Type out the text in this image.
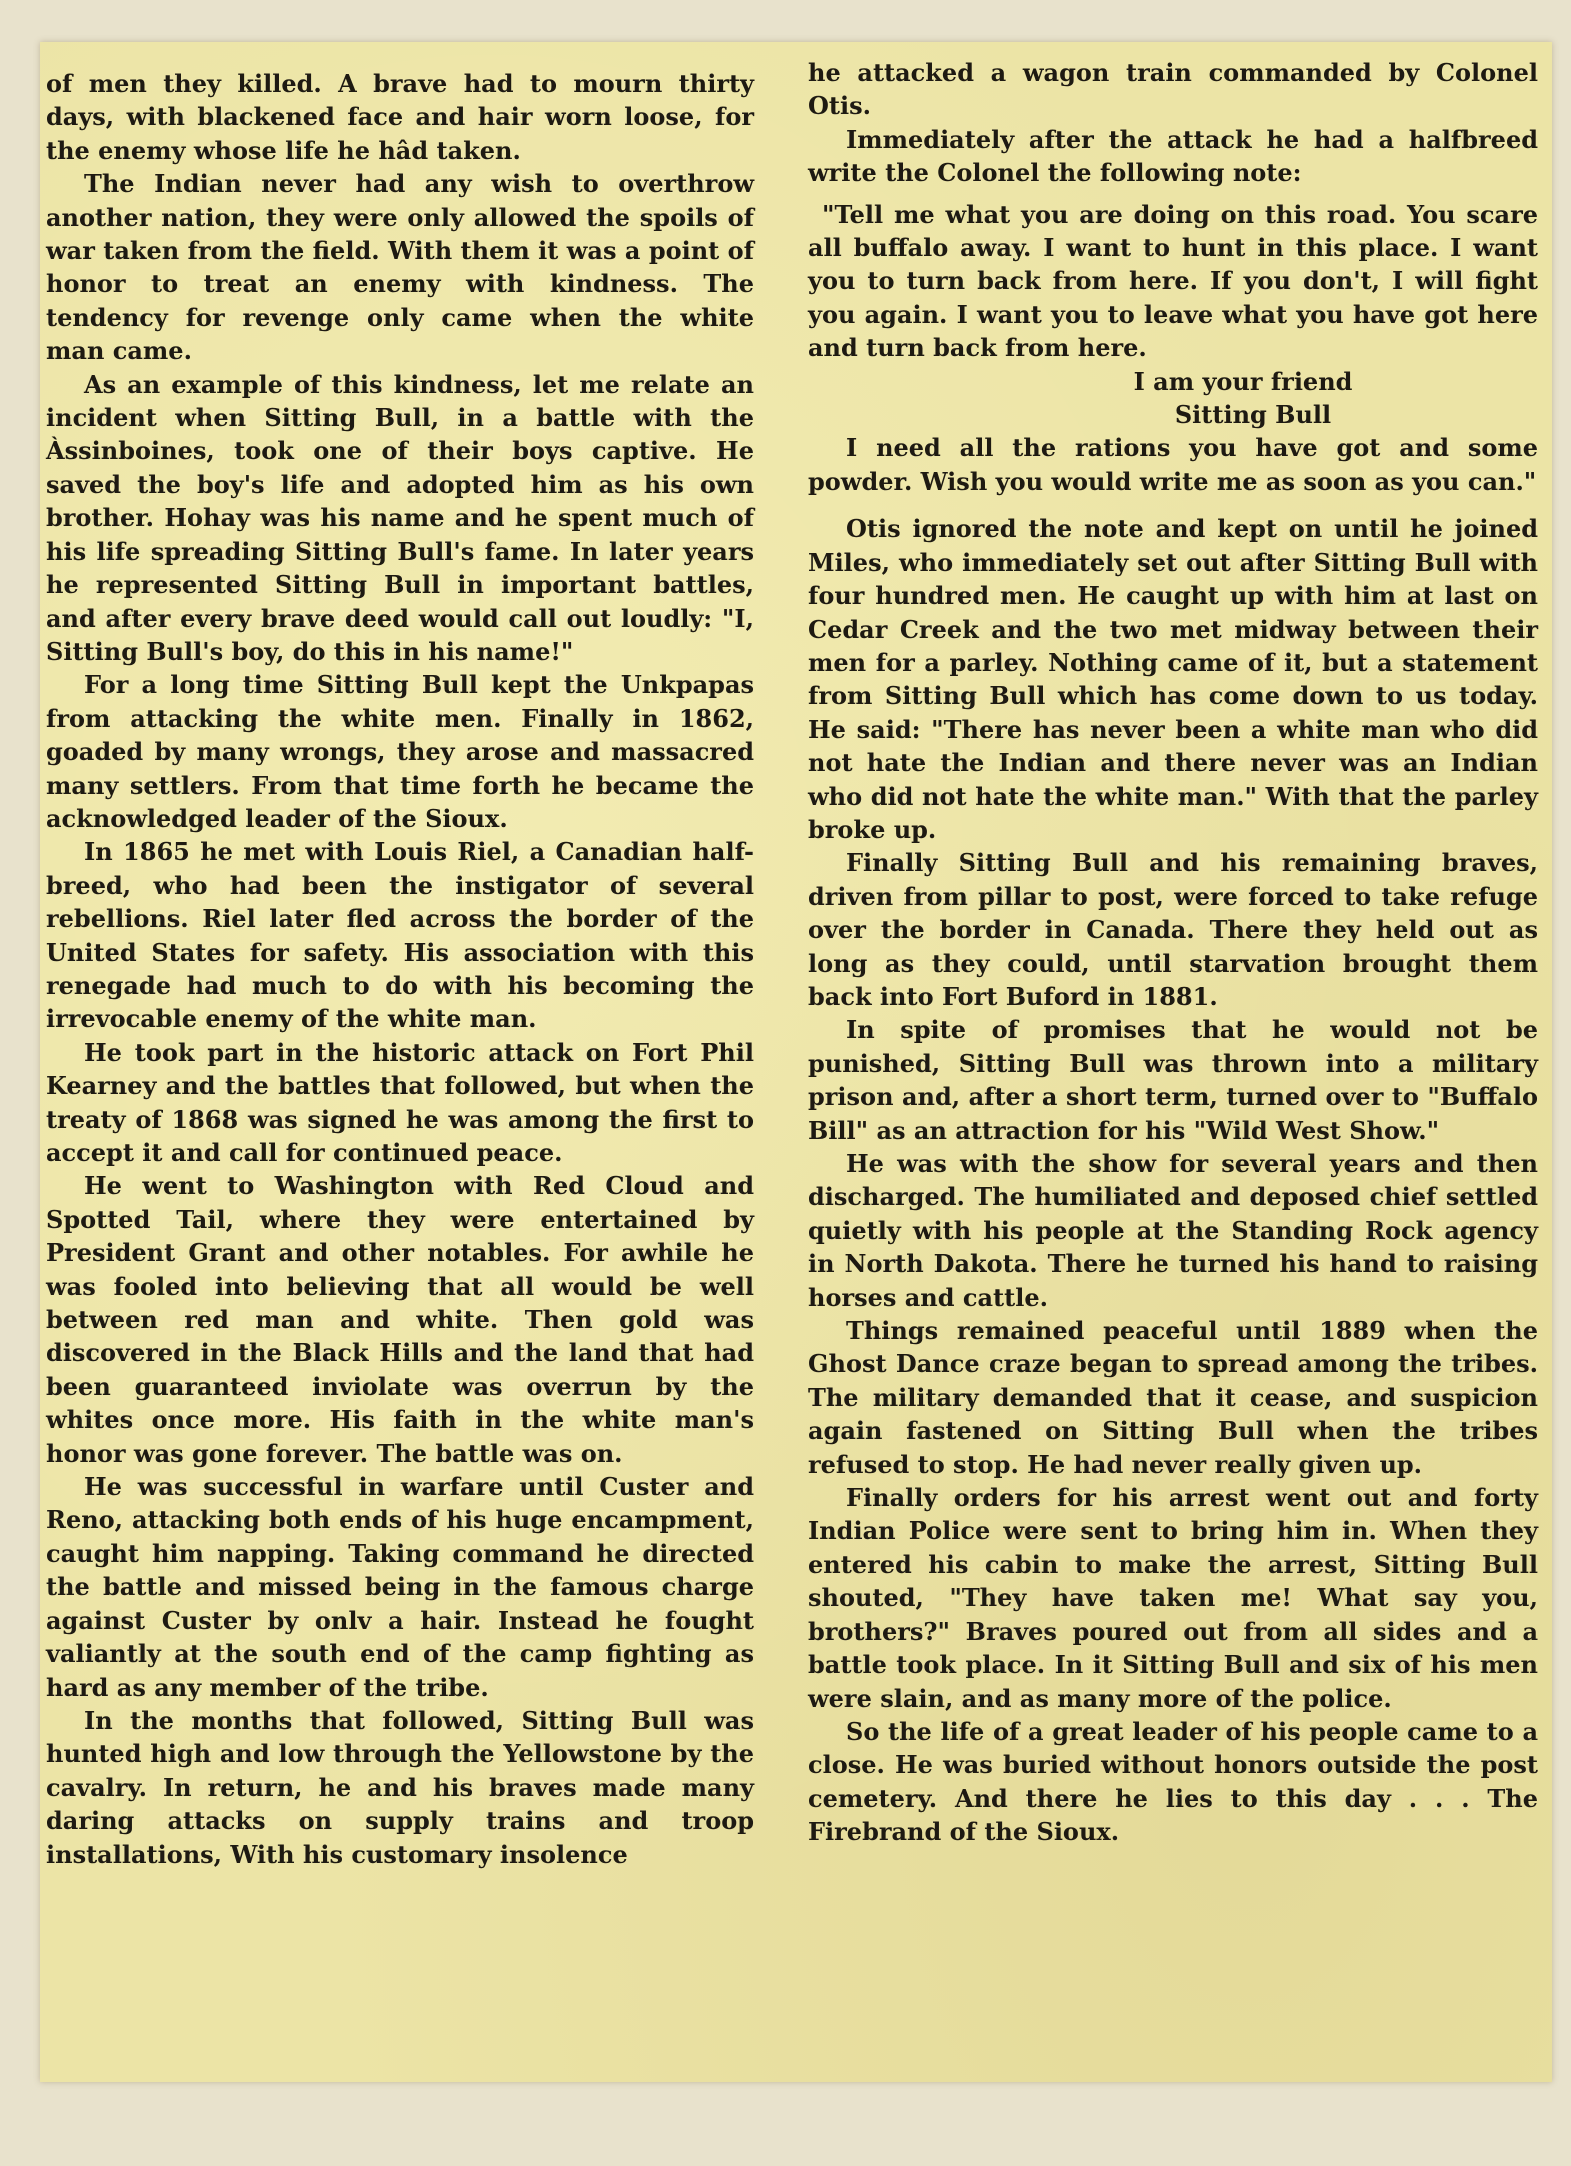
of men they killed. A brave had to mourn thirty days, with blackened face and hair worn loose, for the enemy whose life he hâd taken.

The Indian never had any wish to overthrow another nation, they were only allowed the spoils of war taken from the field. With them it was a point of honor to treat an enemy with kindness. The tendency for revenge only came when the white man came.

As an example of this kindness, let me relate an incident when Sitting Bull, in a battle with the Àssinboines, took one of their boys captive. He saved the boy's life and adopted him as his own brother. Hohay was his name and he spent much of his life spreading Sitting Bull's fame. In later years he represented Sitting Bull in important battles, and after every brave deed would call out loudly: "I, Sitting Bull's boy, do this in his name!"

For a long time Sitting Bull kept the Unkpapas from attacking the white men. Finally in 1862, goaded by many wrongs, they arose and massacred many settlers. From that time forth he became the acknowledged leader of the Sioux.

In 1865 he met with Louis Riel, a Canadian half-breed, who had been the instigator of several rebellions. Riel later fled across the border of the United States for safety. His association with this renegade had much to do with his becoming the irrevocable enemy of the white man.

He took part in the historic attack on Fort Phil Kearney and the battles that followed, but when the treaty of 1868 was signed he was among the first to accept it and call for continued peace.

He went to Washington with Red Cloud and Spotted Tail, where they were entertained by President Grant and other notables. For awhile he was fooled into believing that all would be well between red man and white. Then gold was discovered in the Black Hills and the land that had been guaranteed inviolate was overrun by the whites once more. His faith in the white man's honor was gone forever. The battle was on.

He was successful in warfare until Custer and Reno, attacking both ends of his huge encampment, caught him napping. Taking command he directed the battle and missed being in the famous charge against Custer by onlv a hair. Instead he fought valiantly at the south end of the camp fighting as hard as any member of the tribe.

In the months that followed, Sitting Bull was hunted high and low through the Yellowstone by the cavalry. In return, he and his braves made many daring attacks on supply trains and troop installations, With his customary insolence

he attacked a wagon train commanded by Colonel Otis.

Immediately after the attack he had a halfbreed write the Colonel the following note:

"Tell me what you are doing on this road. You scare all buffalo away. I want to hunt in this place. I want you to turn back from here. If you don't, I will fight you again. I want you to leave what you have got here and turn back from here.

I am your friend
Sitting Bull

I need all the rations you have got and some powder. Wish you would write me as soon as you can."

Otis ignored the note and kept on until he joined Miles, who immediately set out after Sitting Bull with four hundred men. He caught up with him at last on Cedar Creek and the two met midway between their men for a parley. Nothing came of it, but a statement from Sitting Bull which has come down to us today. He said: "There has never been a white man who did not hate the Indian and there never was an Indian who did not hate the white man." With that the parley broke up.

Finally Sitting Bull and his remaining braves, driven from pillar to post, were forced to take refuge over the border in Canada. There they held out as long as they could, until starvation brought them back into Fort Buford in 1881.

In spite of promises that he would not be punished, Sitting Bull was thrown into a military prison and, after a short term, turned over to "Buffalo Bill" as an attraction for his "Wild West Show."

He was with the show for several years and then discharged. The humiliated and deposed chief settled quietly with his people at the Standing Rock agency in North Dakota. There he turned his hand to raising horses and cattle.

Things remained peaceful until 1889 when the Ghost Dance craze began to spread among the tribes. The military demanded that it cease, and suspicion again fastened on Sitting Bull when the tribes refused to stop. He had never really given up.

Finally orders for his arrest went out and forty Indian Police were sent to bring him in. When they entered his cabin to make the arrest, Sitting Bull shouted, "They have taken me! What say you, brothers?" Braves poured out from all sides and a battle took place. In it Sitting Bull and six of his men were slain, and as many more of the police.

So the life of a great leader of his people came to a close. He was buried without honors outside the post cemetery. And there he lies to this day . . . The Firebrand of the Sioux.
